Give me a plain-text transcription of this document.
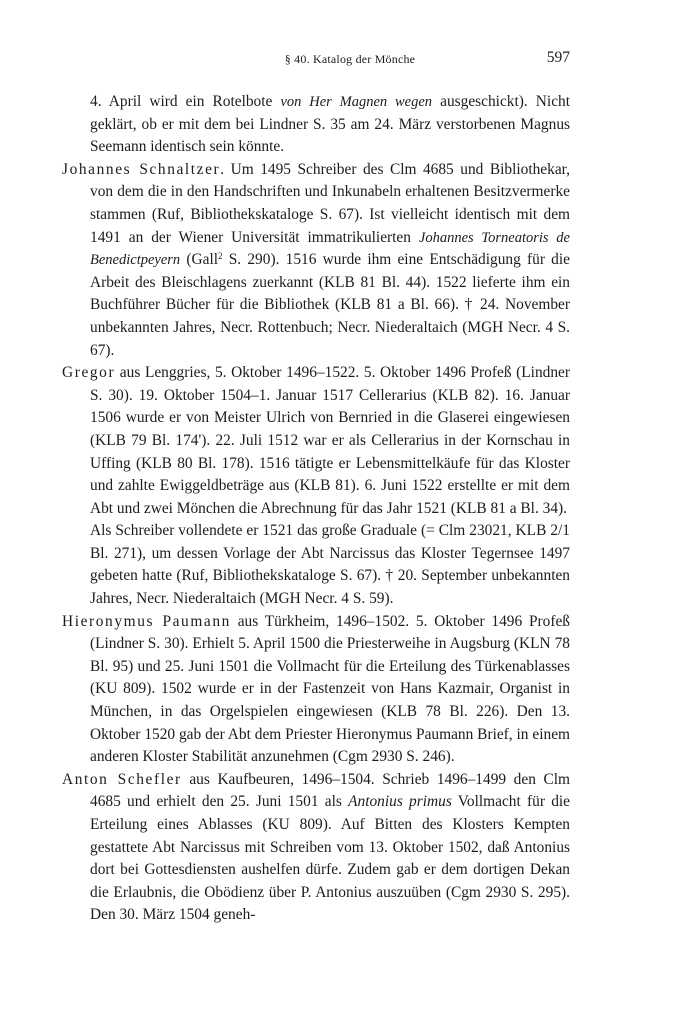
§ 40. Katalog der Mönche	597

4. April wird ein Rotelbote von Her Magnen wegen ausgeschickt). Nicht geklärt, ob er mit dem bei Lindner S. 35 am 24. März verstorbenen Magnus Seemann identisch sein könnte.

Johannes Schnaltzer. Um 1495 Schreiber des Clm 4685 und Bibliothekar, von dem die in den Handschriften und Inkunabeln erhaltenen Besitzvermerke stammen (Ruf, Bibliothekskataloge S. 67). Ist vielleicht identisch mit dem 1491 an der Wiener Universität immatrikulierten Johannes Torneatoris de Benedictpeyern (Gall$^2$ S. 290). 1516 wurde ihm eine Entschädigung für die Arbeit des Bleischlagens zuerkannt (KLB 81 Bl. 44). 1522 lieferte ihm ein Buchführer Bücher für die Bibliothek (KLB 81 a Bl. 66). † 24. November unbekannten Jahres, Necr. Rottenbuch; Necr. Niederaltaich (MGH Necr. 4 S. 67).

Gregor aus Lenggries, 5. Oktober 1496–1522. 5. Oktober 1496 Profeß (Lindner S. 30). 19. Oktober 1504–1. Januar 1517 Cellerarius (KLB 82). 16. Januar 1506 wurde er von Meister Ulrich von Bernried in die Glaserei eingewiesen (KLB 79 Bl. 174'). 22. Juli 1512 war er als Cellerarius in der Kornschau in Uffing (KLB 80 Bl. 178). 1516 tätigte er Lebensmittelkäufe für das Kloster und zahlte Ewiggeldbeträge aus (KLB 81). 6. Juni 1522 erstellte er mit dem Abt und zwei Mönchen die Abrechnung für das Jahr 1521 (KLB 81 a Bl. 34).

Als Schreiber vollendete er 1521 das große Graduale (= Clm 23021, KLB 2/1 Bl. 271), um dessen Vorlage der Abt Narcissus das Kloster Tegernsee 1497 gebeten hatte (Ruf, Bibliothekskataloge S. 67). † 20. September unbekannten Jahres, Necr. Niederaltaich (MGH Necr. 4 S. 59).

Hieronymus Paumann aus Türkheim, 1496–1502. 5. Oktober 1496 Profeß (Lindner S. 30). Erhielt 5. April 1500 die Priesterweihe in Augsburg (KLN 78 Bl. 95) und 25. Juni 1501 die Vollmacht für die Erteilung des Türkenablasses (KU 809). 1502 wurde er in der Fastenzeit von Hans Kazmair, Organist in München, in das Orgelspielen eingewiesen (KLB 78 Bl. 226). Den 13. Oktober 1520 gab der Abt dem Priester Hieronymus Paumann Brief, in einem anderen Kloster Stabilität anzunehmen (Cgm 2930 S. 246).

Anton Schefler aus Kaufbeuren, 1496–1504. Schrieb 1496–1499 den Clm 4685 und erhielt den 25. Juni 1501 als Antonius primus Vollmacht für die Erteilung eines Ablasses (KU 809). Auf Bitten des Klosters Kempten gestattete Abt Narcissus mit Schreiben vom 13. Oktober 1502, daß Antonius dort bei Gottesdiensten aushelfen dürfe. Zudem gab er dem dortigen Dekan die Erlaubnis, die Obödienz über P. Antonius auszuüben (Cgm 2930 S. 295). Den 30. März 1504 geneh-
